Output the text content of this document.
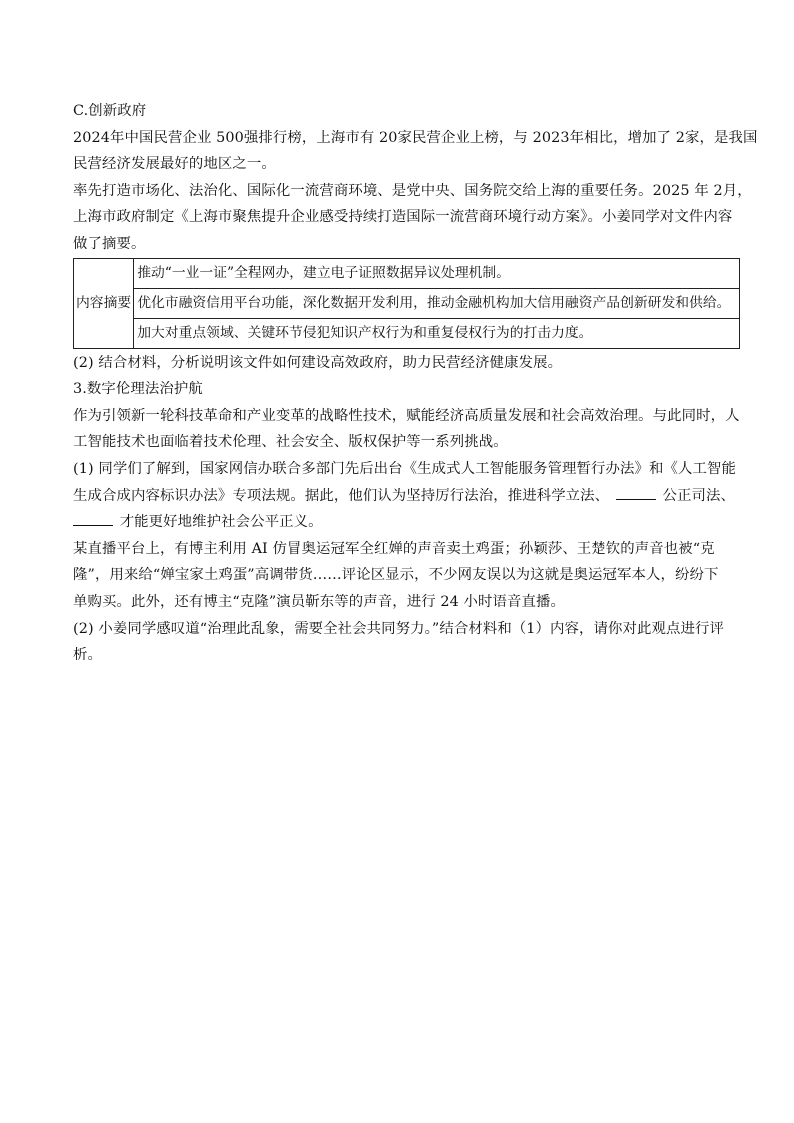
C.创新政府
2024年中国民营企业 500强排行榜，上海市有 20家民营企业上榜，与 2023年相比，增加了 2家，是我国
民营经济发展最好的地区之一。
率先打造市场化、法治化、国际化一流营商环境、是党中央、国务院交给上海的重要任务。2025 年 2月，
上海市政府制定《上海市聚焦提升企业感受持续打造国际一流营商环境行动方案》。小姜同学对文件内容
做了摘要。
内容摘要	推动“一业一证”全程网办，建立电子证照数据异议处理机制。
优化市融资信用平台功能，深化数据开发利用，推动金融机构加大信用融资产品创新研发和供给。
加大对重点领域、关键环节侵犯知识产权行为和重复侵权行为的打击力度。
(2) 结合材料，分析说明该文件如何建设高效政府，助力民营经济健康发展。
3.数字伦理法治护航
作为引领新一轮科技革命和产业变革的战略性技术，赋能经济高质量发展和社会高效治理。与此同时，人
工智能技术也面临着技术伦理、社会安全、版权保护等一系列挑战。
(1) 同学们了解到，国家网信办联合多部门先后出台《生成式人工智能服务管理暂行办法》和《人工智能
生成合成内容标识办法》专项法规。据此，他们认为坚持厉行法治，推进科学立法、	公正司法、
才能更好地维护社会公平正义。
某直播平台上，有博主利用 AI 仿冒奥运冠军全红婵的声音卖土鸡蛋；孙颖莎、王楚钦的声音也被“克
隆”，用来给“婵宝家土鸡蛋”高调带货……评论区显示，不少网友误以为这就是奥运冠军本人，纷纷下
单购买。此外，还有博主“克隆”演员靳东等的声音，进行 24 小时语音直播。
(2) 小姜同学感叹道“治理此乱象，需要全社会共同努力。”结合材料和（1）内容，请你对此观点进行评
析。
